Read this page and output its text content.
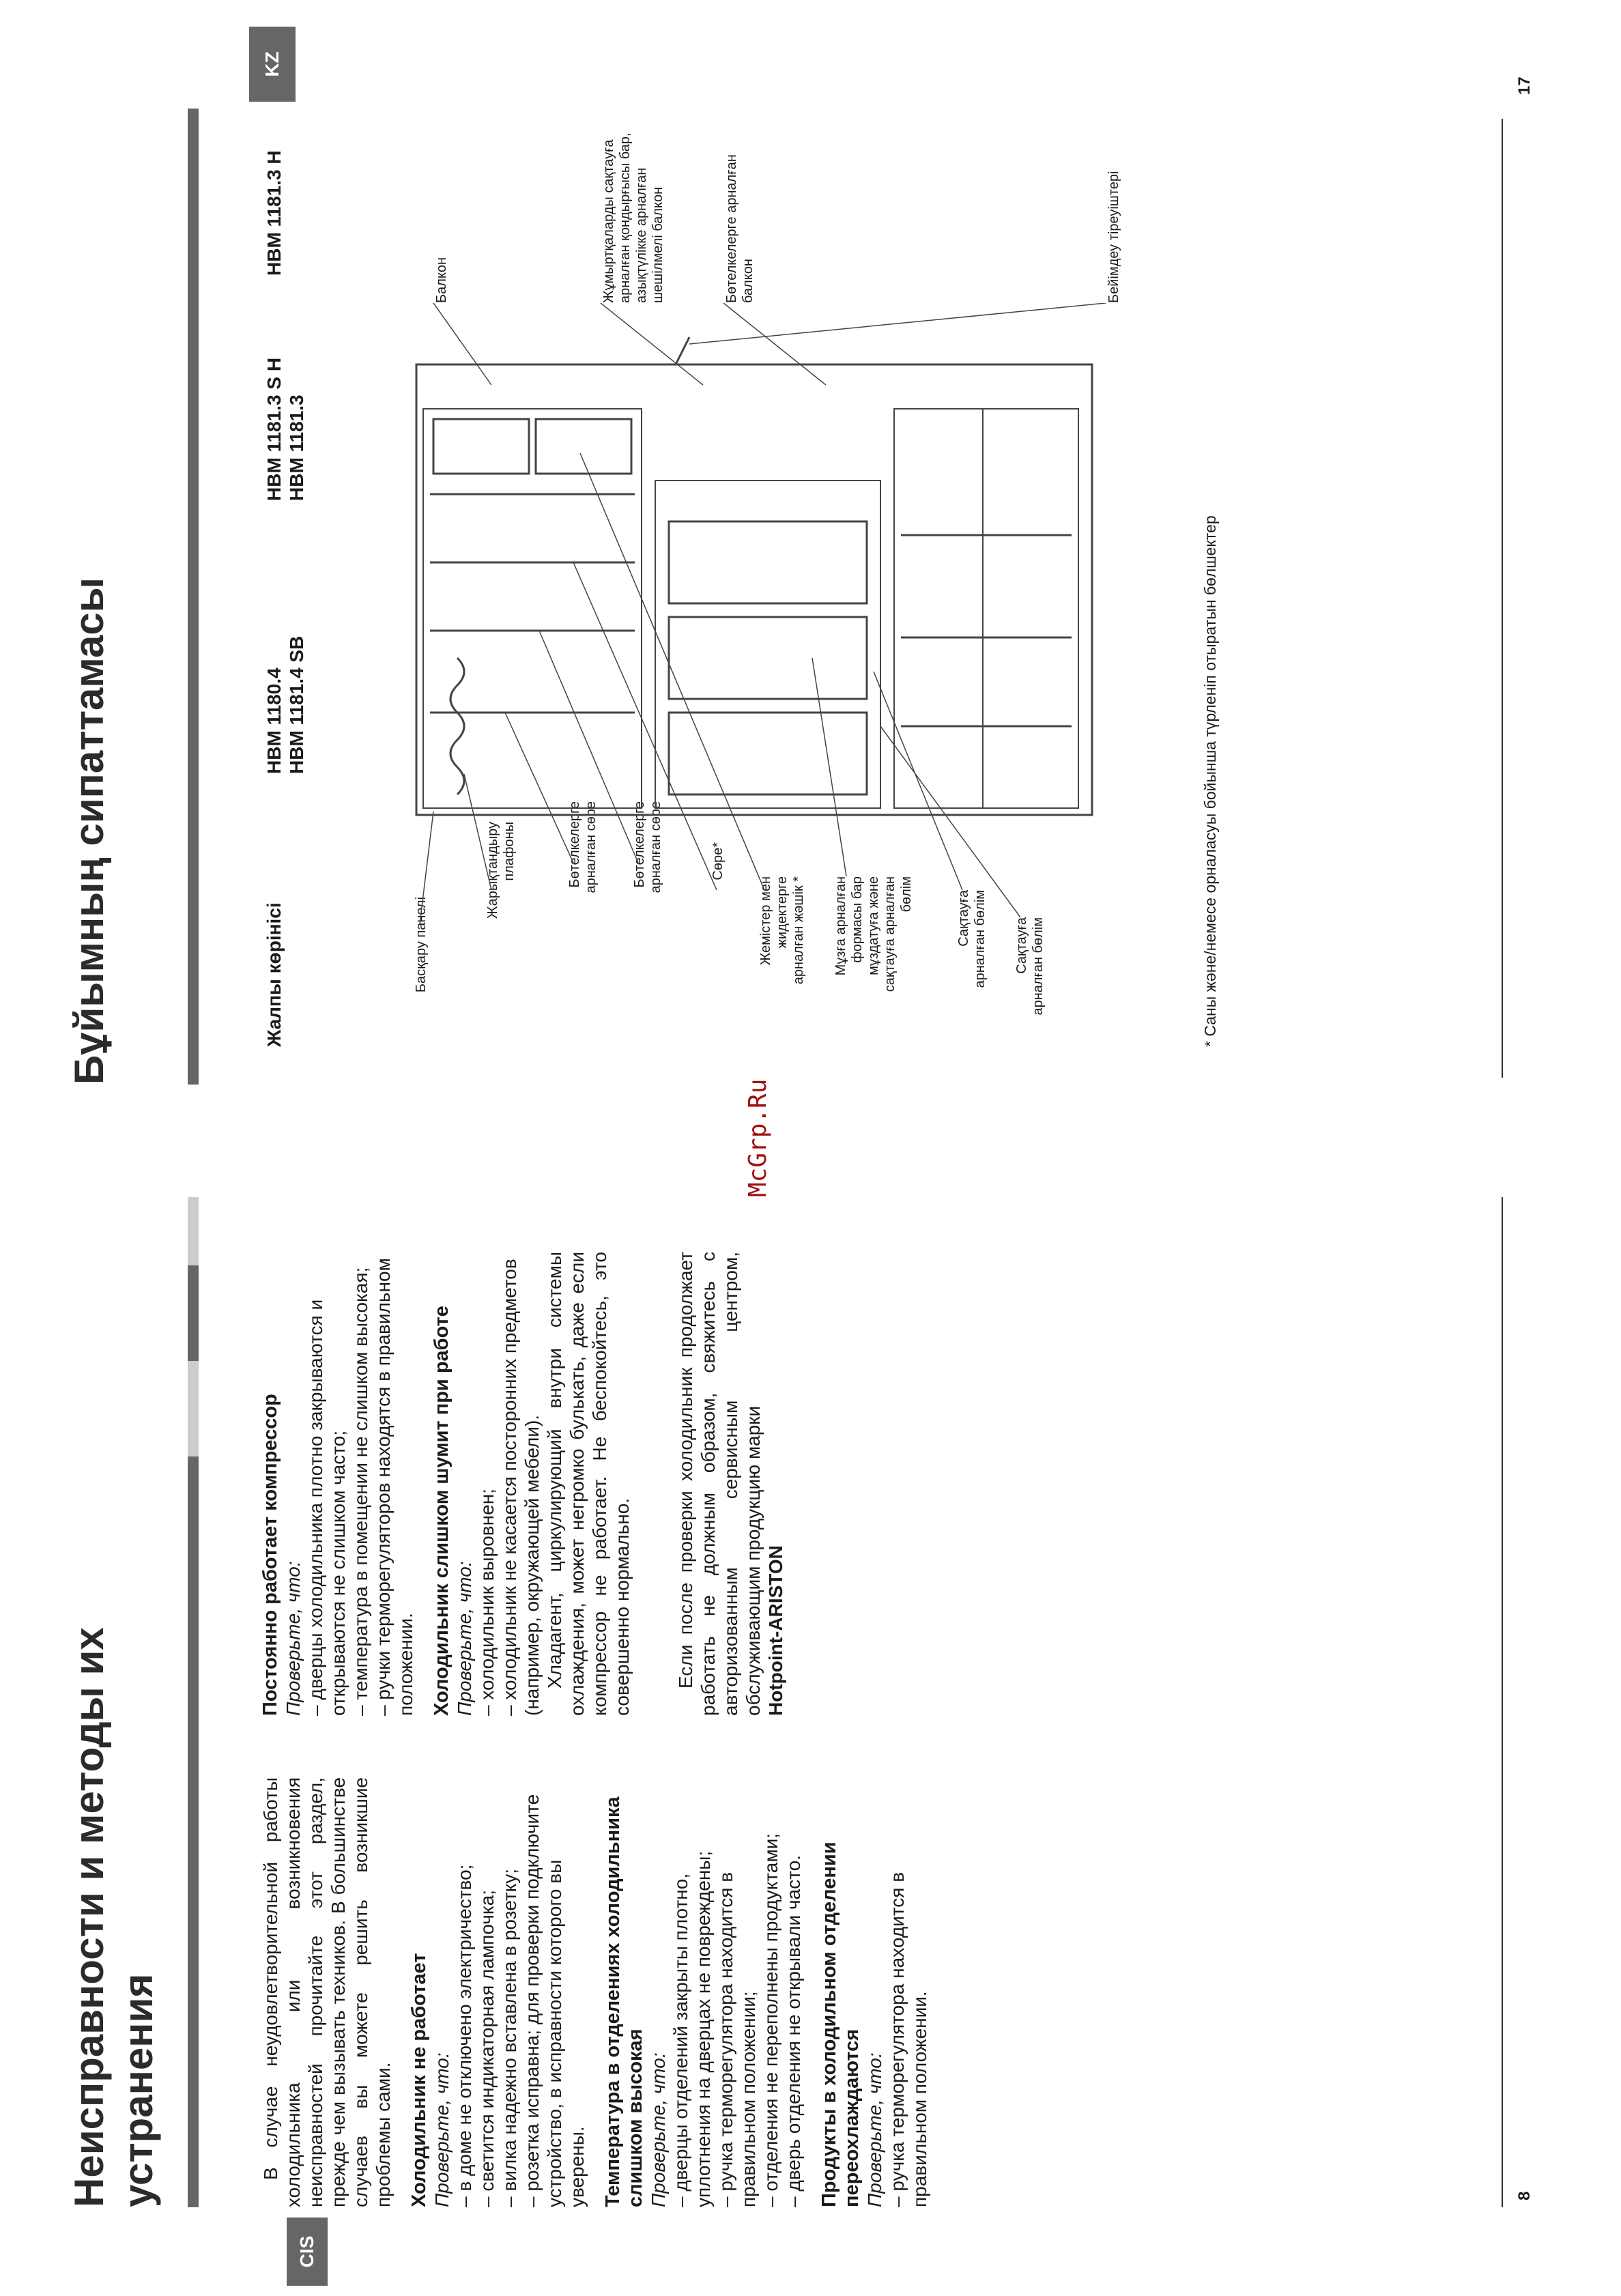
KZ
Бұйымның сипаттамасы
17
Жалпы көрінісі
HBM 1180.4 HBM 1181.4 SB
HBM 1181.3 S H HBM 1181.3
HBM 1181.3 H
Басқару панелі
Жарықтандыру плафоны	Бөтелкелерге арналған сөре Бөтелкелерге арналған сөре	Сөре*
Жемістер мен жидектерге арналған жәшік * Мұзға арналған формасы бар мұздатуға және сақтауға арналған бөлім	Сақтауға арналған бөлім Сақтауға арналған бөлім
Балкон	Жұмыртқаларды сақтауға арналған қондырғысы бар, азықтүлікке арналған шешілмелі балкон	Бөтелкелерге арналған балкон	Бейімдеу тіреуіштері
* Саны және/немесе орналасуы бойынша түрленіп отыратын бөлшектер
McGrp.Ru
CIS
Неисправности и методы их устранения	8

В случае неудовлетворительной работы холодильника или возникновения неисправностей прочитайте этот раздел, прежде чем вызывать техников. В большинстве случаев вы можете решить возникшие проблемы сами. Холодильник не работает Проверьте, что: – в доме не отключено электричество; – светится индикаторная лампочка; – вилка надежно вставлена в розетку; – розетка исправна; для проверки подключите устройство, в исправности которого вы уверены. Температура в отделениях холодильника слишком высокая Проверьте, что: – дверцы отделений закрыты плотно, уплотнения на дверцах не повреждены; – ручка терморегулятора находится в правильном положении; – отделения не переполнены продуктами; – дверь отделения не открывали часто. Продукты в холодильном отделении переохлаждаются Проверьте, что: – ручка терморегулятора находится в правильном положении.
Постоянно работает компрессор Проверьте, что: – дверцы холодильника плотно закрываются и открываются не слишком часто; – температура в помещении не слишком высокая; – ручки терморегуляторов находятся в правильном положении. Холодильник слишком шумит при работе Проверьте, что: – холодильник выровнен; – холодильник не касается посторонних предметов (например, окружающей мебели). Хладагент, циркулирующий внутри системы охлаждения, может негромко булькать, даже если компрессор не работает. Не беспокойтесь, это совершенно нормально. Если после проверки холодильник продолжает работать не должным образом, свяжитесь с авторизованным сервисным центром, обслуживающим продукцию марки Hotpoint-ARISTON
